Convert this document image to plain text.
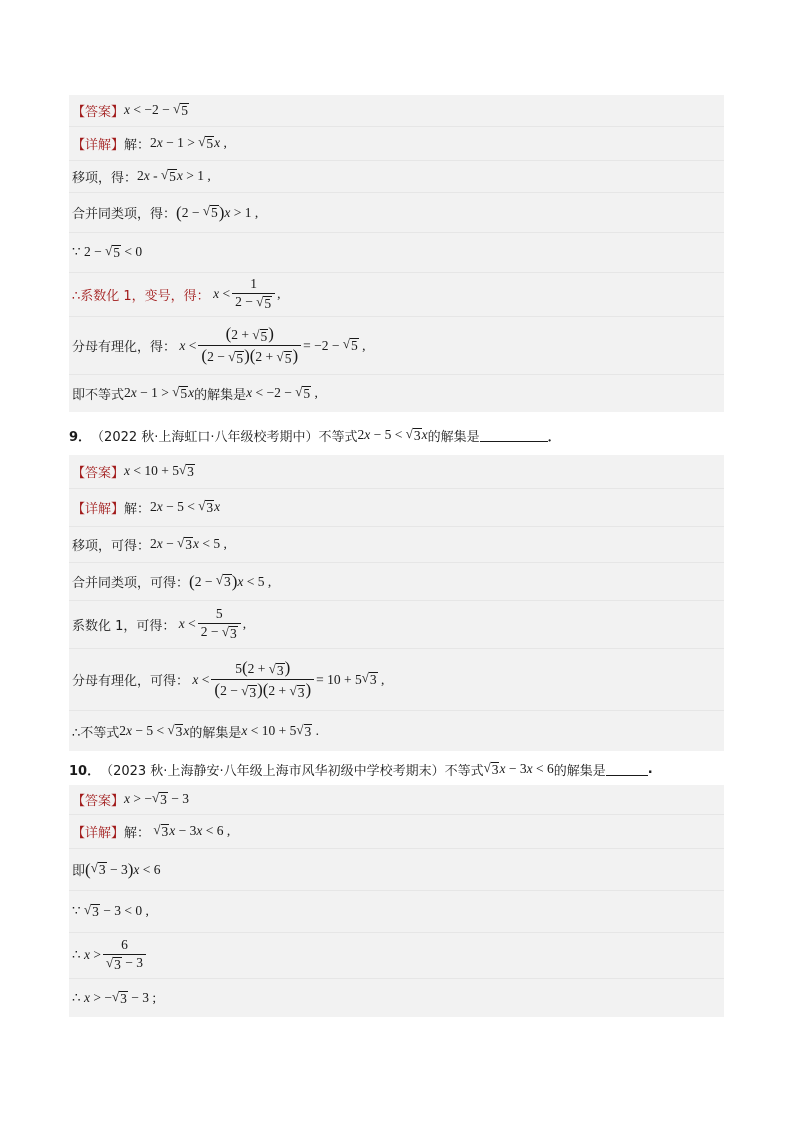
【答案】 x < −2 − √ 5
【详解】 解： 2 x − 1 > √ 5 x ,
移项，得： 2 x - √ 5 x > 1 ,
合并同类项，得： ( 2 − √ 5 ) x > 1 ,
∵ 2 − √ 5 < 0
∴系数化 1，变号，得：
$x < \frac{1}{2 - √ 5}$ ,
分母有理化，得：
$x < \frac{(2 + √ 5 )}{(2 - √ 5 )(2 + √ 5 )} = -2$ − √ 5 ,
即不等式 2 x − 1 > √ 5 x 的解集是 x < −2 − √ 5 ,
9． （2022 秋·上海虹口·八年级校考期中）不等式 2 x − 5 < √ 3 x 的解集是	．
【答案】 x < 10 + 5 √ 3
【详解】 解： 2 x − 5 < √ 3 x
移项，可得： 2 x − √ 3 x < 5 ,
合并同类项，可得： ( 2 − √ 3 ) x < 5 ,
系数化 1，可得：
$x < \frac{5}{2 - √ 3}$ ,
分母有理化，可得：
$x < \frac{5(2 + √ 3 )}{(2 - √ 3 )(2 + √ 3 )} = 10 + 5$ √ 3 ,
∴不等式 2 x − 5 < √ 3 x 的解集是 x < 10 + 5 √ 3 .
10． （2023 秋·上海静安·八年级上海市风华初级中学校考期末）不等式 √ 3 x − 3 x < 6 的解集是	.
【答案】 x > − √ 3 − 3
【详解】 解：
√ 3 x − 3 x < 6 ,
即 ( √ 3 − 3 ) x < 6
∵ √ 3 − 3 < 0 ,
∴ $x > \frac{6}{√ 3 - 3}$
∴ x > − √ 3 − 3 ;
